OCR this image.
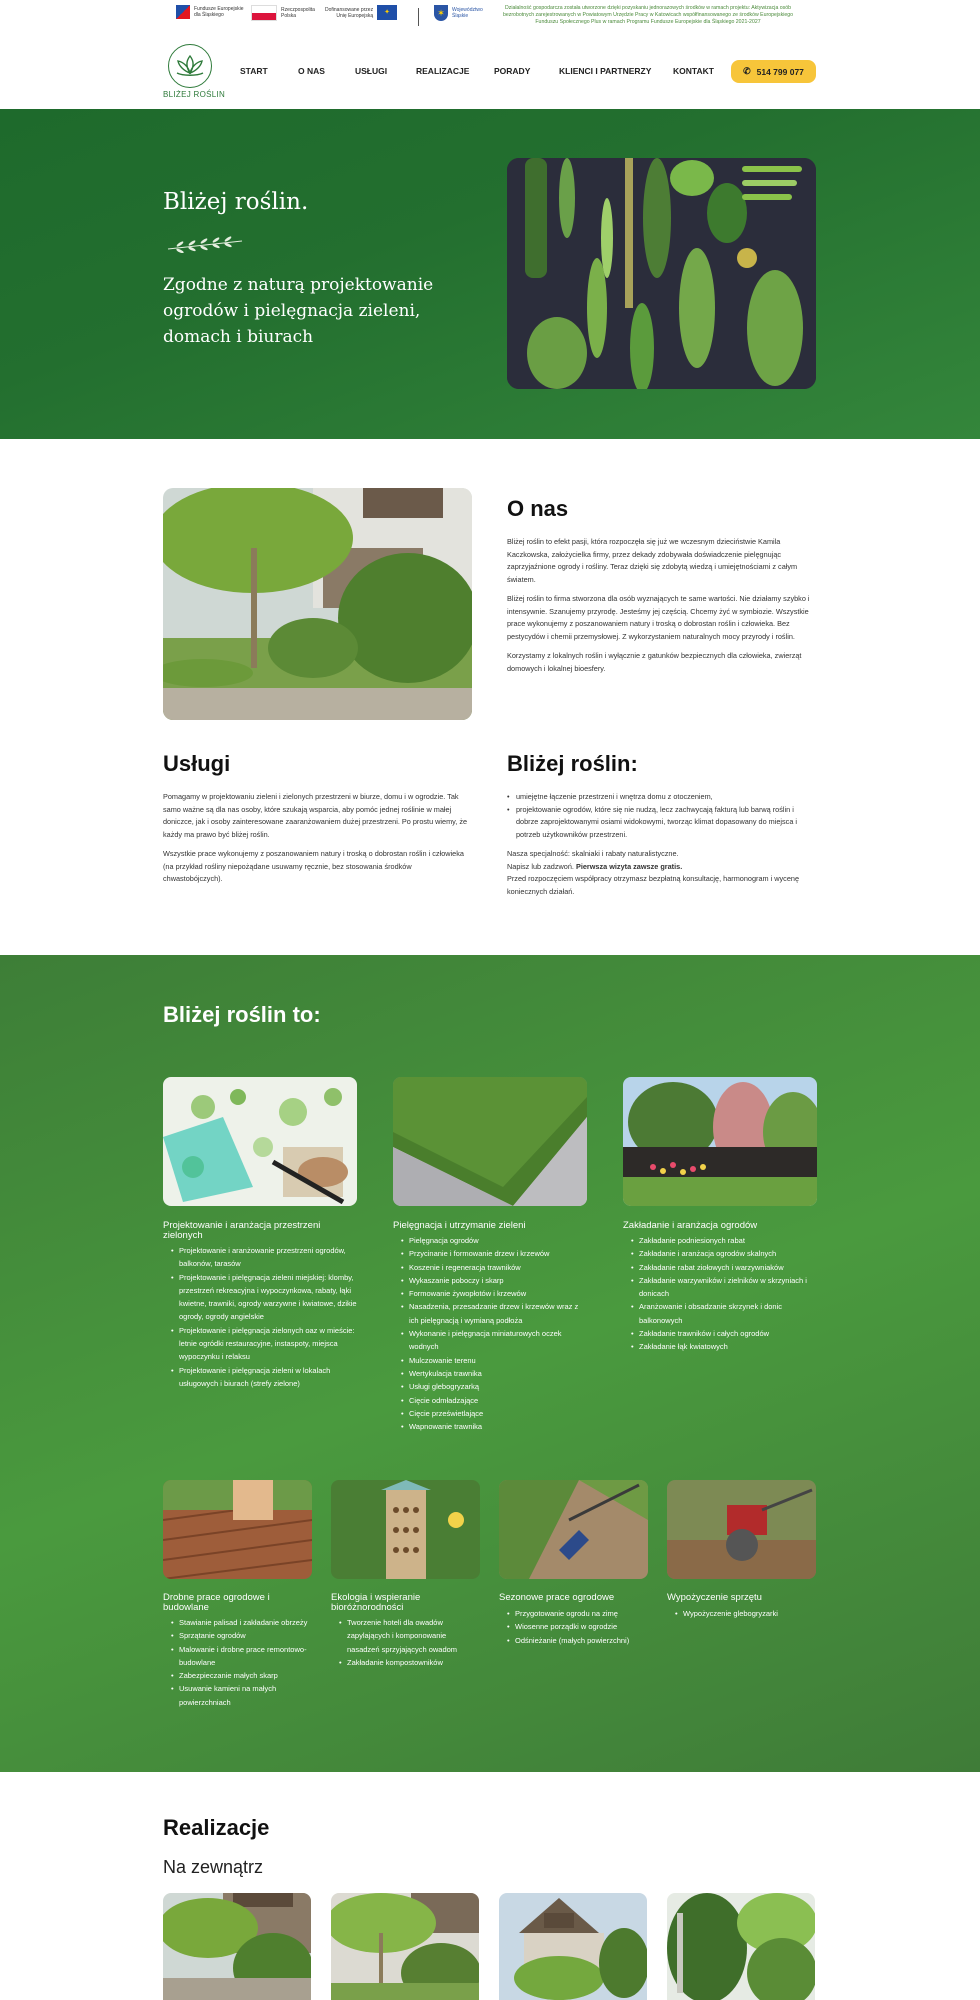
Fundusze Europejskie
dla Śląskiego
Rzeczpospolita
Polska
Dofinansowane przez
Unię Europejską	✦	✶	Województwo
Śląskie
Działalność gospodarcza została utworzone dzięki pozyskaniu jednorazowych środków w ramach projektu: Aktywizacja osób bezrobotnych zarejestrowanych w Powiatowym Urzędzie Pracy w Katowicach współfinansowanego ze środków Europejskiego Funduszu Społecznego Plus w ramach Programu Fundusze Europejskie dla Śląskiego 2021-2027
BLIŻEJ ROŚLIN
START	O NAS	USŁUGI	REALIZACJE	PORADY	KLIENCI I PARTNERZY	KONTAKT	✆ 514 799 077
Bliżej roślin.

Zgodne z naturą projektowanie ogrodów i pielęgnacja zieleni, domach i biurach

O nas

Bliżej roślin to efekt pasji, która rozpoczęła się już we wczesnym dzieciństwie Kamila Kaczkowska, założycielka firmy, przez dekady zdobywała doświadczenie pielęgnując zaprzyjaźnione ogrody i rośliny. Teraz dzięki się zdobytą wiedzą i umiejętnościami z całym światem.

Bliżej roślin to firma stworzona dla osób wyznających te same wartości. Nie działamy szybko i intensywnie. Szanujemy przyrodę. Jesteśmy jej częścią. Chcemy żyć w symbiozie. Wszystkie prace wykonujemy z poszanowaniem natury i troską o dobrostan roślin i człowieka. Bez pestycydów i chemii przemysłowej. Z wykorzystaniem naturalnych mocy przyrody i roślin.

Korzystamy z lokalnych roślin i wyłącznie z gatunków bezpiecznych dla człowieka, zwierząt domowych i lokalnej bioesfery.

Usługi

Pomagamy w projektowaniu zieleni i zielonych przestrzeni w biurze, domu i w ogrodzie. Tak samo ważne są dla nas osoby, które szukają wsparcia, aby pomóc jednej roślinie w małej doniczce, jak i osoby zainteresowane zaaranżowaniem dużej przestrzeni. Po prostu wiemy, że każdy ma prawo być bliżej roślin.

Wszystkie prace wykonujemy z poszanowaniem natury i troską o dobrostan roślin i człowieka (na przykład rośliny niepożądane usuwamy ręcznie, bez stosowania środków chwastobójczych).

Bliżej roślin:
• umiejętne łączenie przestrzeni i wnętrza domu z otoczeniem,
• projektowanie ogrodów, które się nie nudzą, lecz zachwycają fakturą lub barwą roślin i dobrze zaprojektowanymi osiami widokowymi, tworząc klimat dopasowany do miejsca i potrzeb użytkowników przestrzeni.
Nasza specjalność: skalniaki i rabaty naturalistyczne.
Napisz lub zadzwoń. Pierwsza wizyta zawsze gratis.
Przed rozpoczęciem współpracy otrzymasz bezpłatną konsultację, harmonogram i wycenę koniecznych działań.
Bliżej roślin to:
Projektowanie i aranżacja przestrzeni zielonych
• Projektowanie i aranżowanie przestrzeni ogrodów, balkonów, tarasów
• Projektowanie i pielęgnacja zieleni miejskiej: klomby, przestrzeń rekreacyjna i wypoczynkowa, rabaty, łąki kwietne, trawniki, ogrody warzywne i kwiatowe, dzikie ogrody, ogrody angielskie
• Projektowanie i pielęgnacja zielonych oaz w mieście: letnie ogródki restauracyjne, instaspoty, miejsca wypoczynku i relaksu
• Projektowanie i pielęgnacja zieleni w lokalach usługowych i biurach (strefy zielone)
Pielęgnacja i utrzymanie zieleni
• Pielęgnacja ogrodów
• Przycinanie i formowanie drzew i krzewów
• Koszenie i regeneracja trawników
• Wykaszanie poboczy i skarp
• Formowanie żywopłotów i krzewów
• Nasadzenia, przesadzanie drzew i krzewów wraz z ich pielęgnacją i wymianą podłoża
• Wykonanie i pielęgnacja miniaturowych oczek wodnych
• Mulczowanie terenu
• Wertykulacja trawnika
• Usługi glebogryzarką
• Cięcie odmładzające
• Cięcie prześwietlające
• Wapnowanie trawnika
Zakładanie i aranżacja ogrodów
• Zakładanie podniesionych rabat
• Zakładanie i aranżacja ogrodów skalnych
• Zakładanie rabat ziołowych i warzywniaków
• Zakładanie warzywników i zielników w skrzyniach i donicach
• Aranżowanie i obsadzanie skrzynek i donic balkonowych
• Zakładanie trawników i całych ogrodów
• Zakładanie łąk kwiatowych
Drobne prace ogrodowe i budowlane
• Stawianie palisad i zakładanie obrzeży
• Sprzątanie ogrodów
• Malowanie i drobne prace remontowo-budowlane
• Zabezpieczanie małych skarp
• Usuwanie kamieni na małych powierzchniach
Ekologia i wspieranie bioróżnorodności
• Tworzenie hoteli dla owadów zapylających i komponowanie nasadzeń sprzyjających owadom
• Zakładanie kompostowników
Sezonowe prace ogrodowe
• Przygotowanie ogrodu na zimę
• Wiosenne porządki w ogrodzie
• Odśnieżanie (małych powierzchni)
Wypożyczenie sprzętu
• Wypożyczenie glebogryzarki
Realizacje
Na zewnątrz
